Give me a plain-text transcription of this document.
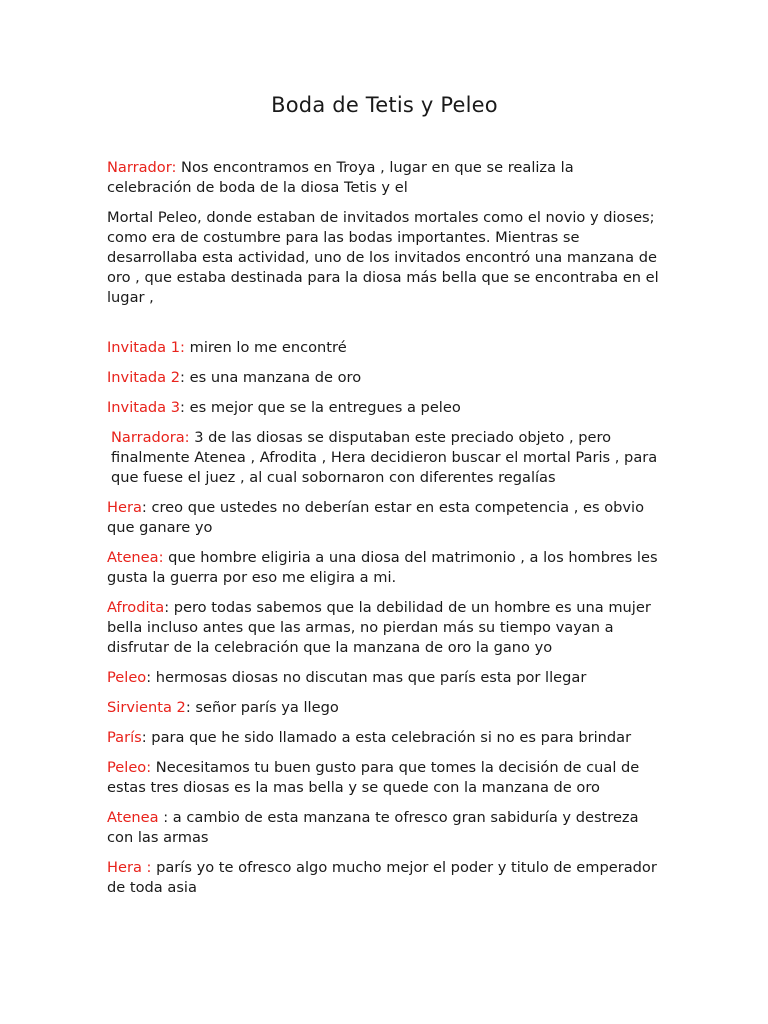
Boda de Tetis y Peleo

Narrador: Nos encontramos en Troya , lugar en que se realiza la celebración de boda de la diosa Tetis y el

Mortal Peleo, donde estaban de invitados mortales como el novio y dioses; como era de costumbre para las bodas importantes. Mientras se desarrollaba esta actividad, uno de los invitados encontró una manzana de oro , que estaba destinada para la diosa más bella que se encontraba en el lugar ,

Invitada 1: miren lo me encontré

Invitada 2: es una manzana de oro

Invitada 3: es mejor que se la entregues a peleo

Narradora: 3 de las diosas se disputaban este preciado objeto , pero finalmente Atenea , Afrodita , Hera decidieron buscar el mortal Paris , para que fuese el juez , al cual sobornaron con diferentes regalías

Hera: creo que ustedes no deberían estar en esta competencia , es obvio que ganare yo

Atenea: que hombre eligiria a una diosa del matrimonio , a los hombres les gusta la guerra por eso me eligira a mi.

Afrodita: pero todas sabemos que la debilidad de un hombre es una mujer bella incluso antes que las armas, no pierdan más su tiempo vayan a disfrutar de la celebración que la manzana de oro la gano yo

Peleo: hermosas diosas no discutan mas que parís esta por llegar

Sirvienta 2: señor parís ya llego

París: para que he sido llamado a esta celebración si no es para brindar

Peleo: Necesitamos tu buen gusto para que tomes la decisión de cual de estas tres diosas es la mas bella y se quede con la manzana de oro

Atenea : a cambio de esta manzana te ofresco gran sabiduría y destreza con las armas

Hera : parís yo te ofresco algo mucho mejor el poder y titulo de emperador de toda asia
